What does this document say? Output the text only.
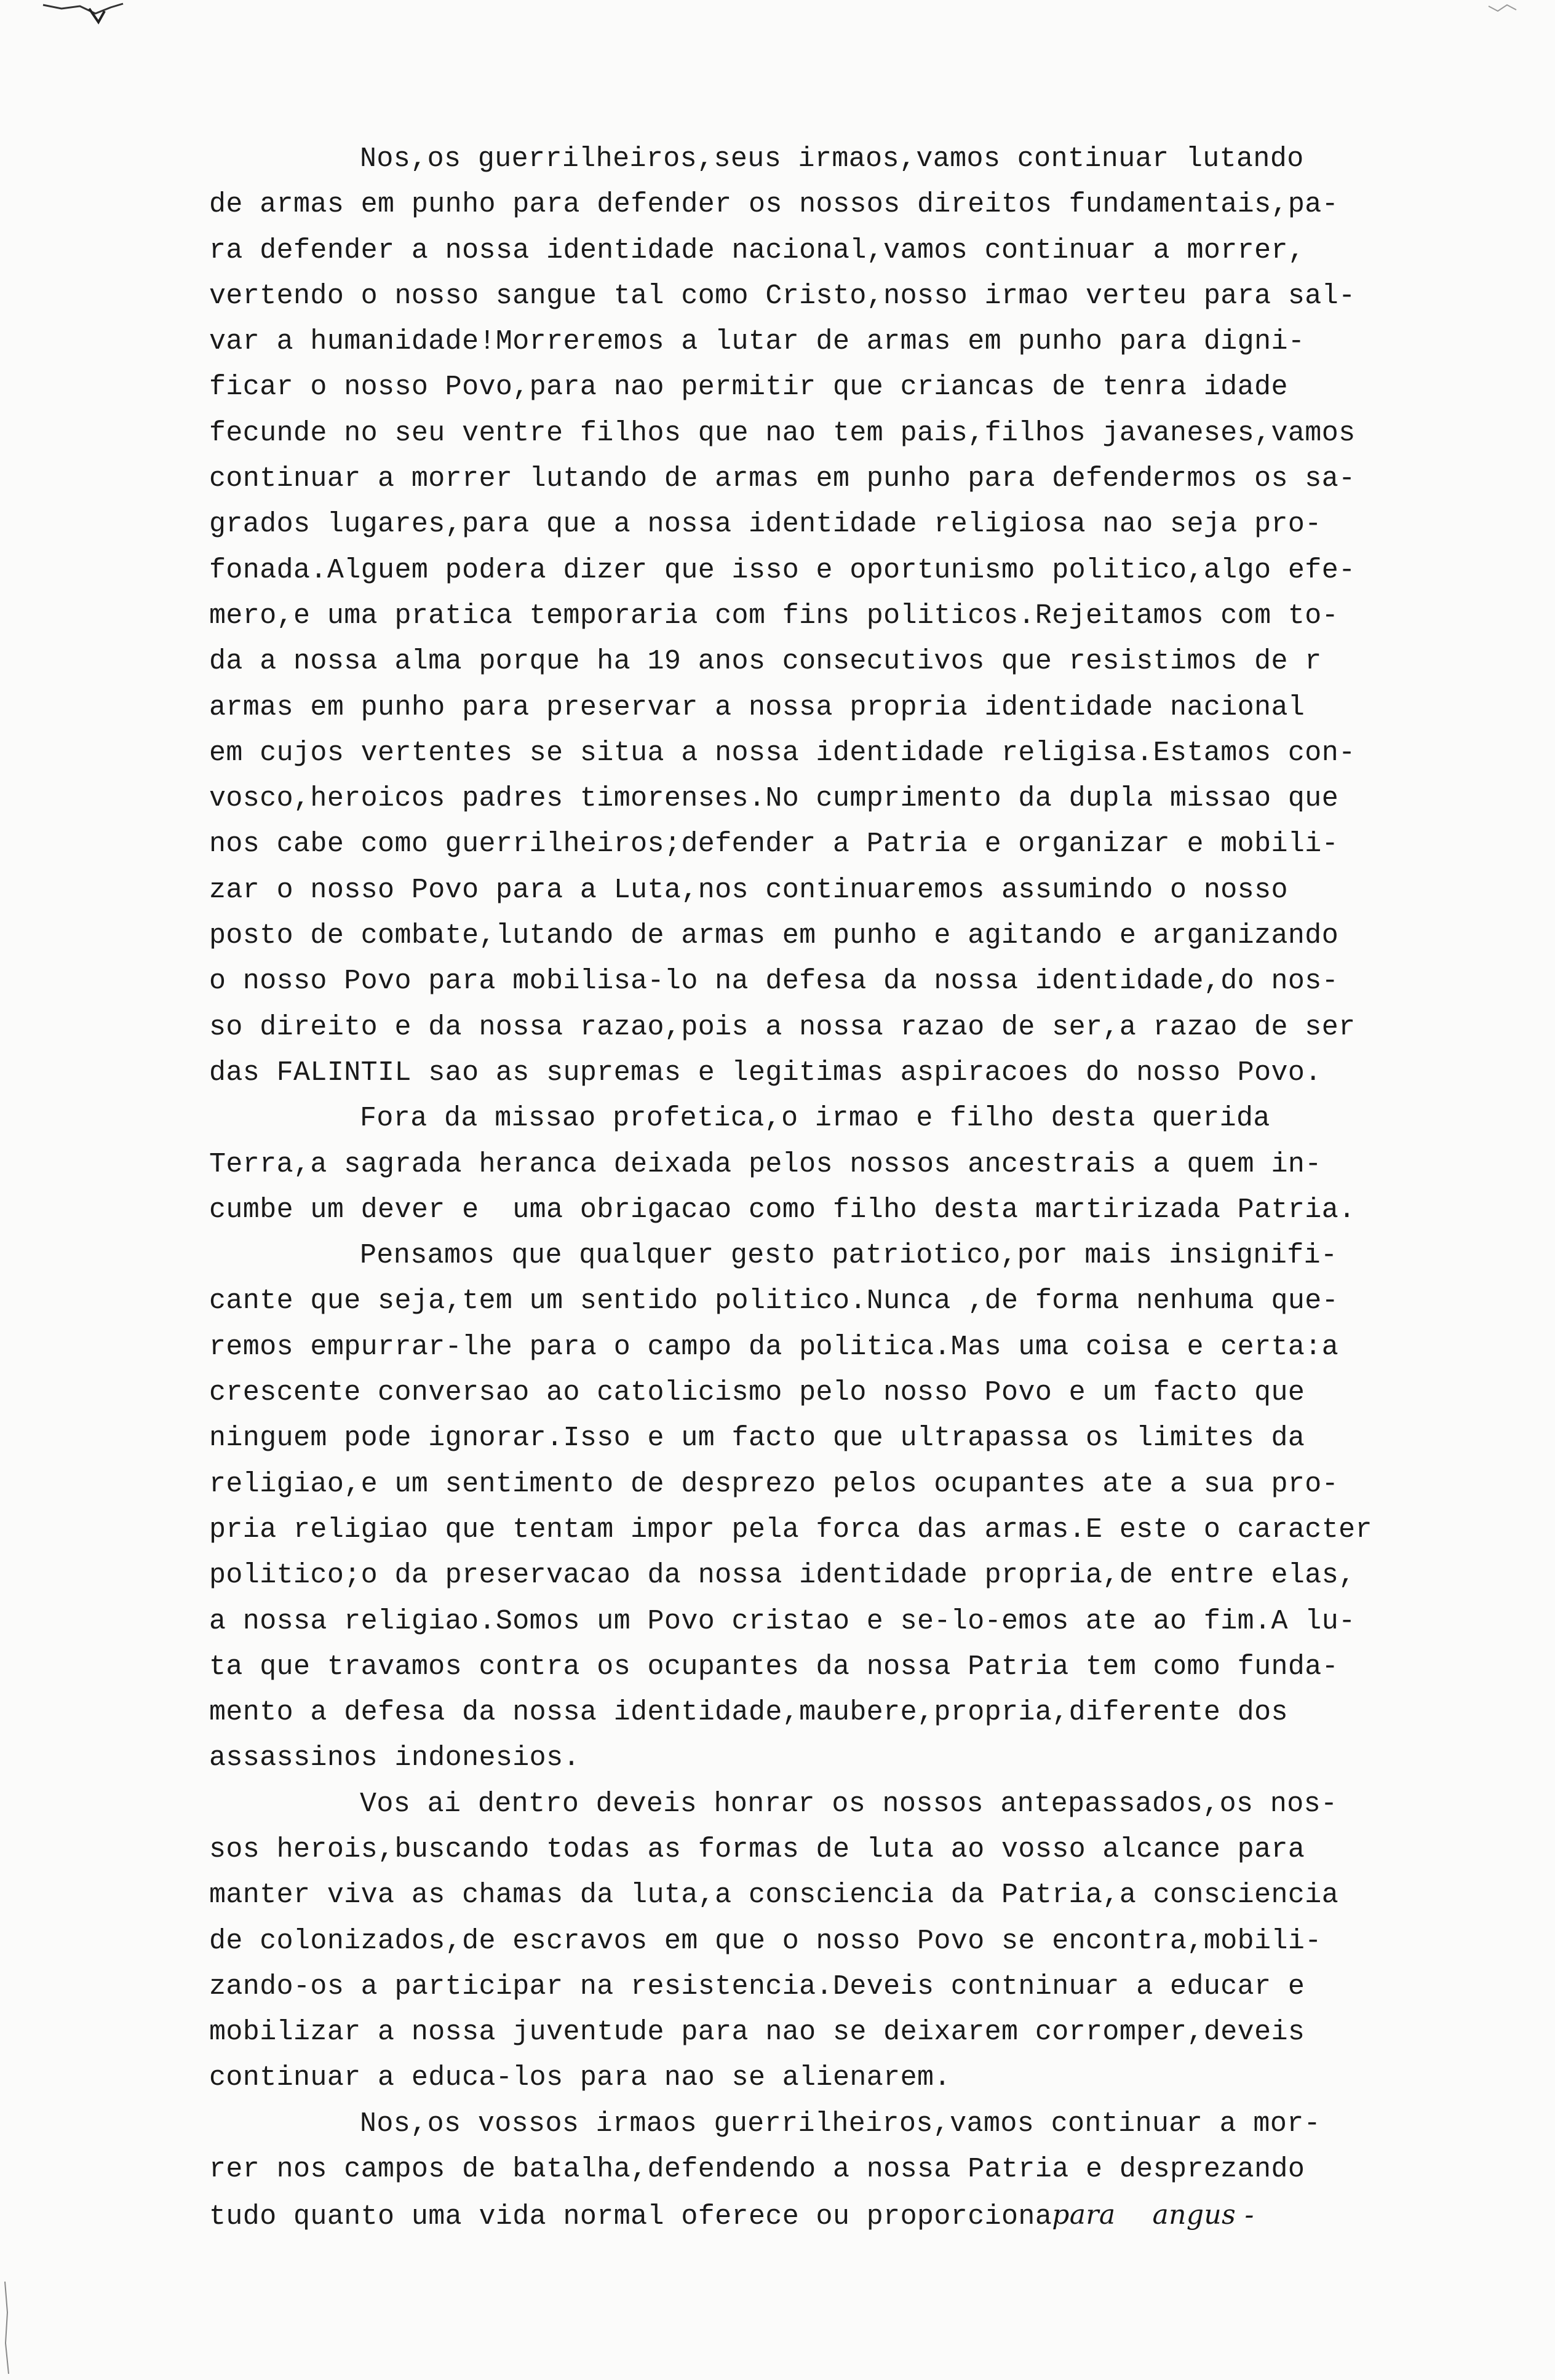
Nos,os guerrilheiros,seus irmaos,vamos continuar lutando
de armas em punho para defender os nossos direitos fundamentais,pa-
ra defender a nossa identidade nacional,vamos continuar a morrer,
vertendo o nosso sangue tal como Cristo,nosso irmao verteu para sal-
var a humanidade!Morreremos a lutar de armas em punho para digni-
ficar o nosso Povo,para nao permitir que criancas de tenra idade
fecunde no seu ventre filhos que nao tem pais,filhos javaneses,vamos
continuar a morrer lutando de armas em punho para defendermos os sa-
grados lugares,para que a nossa identidade religiosa nao seja pro-
fonada.Alguem podera dizer que isso e oportunismo politico,algo efe-
mero,e uma pratica temporaria com fins politicos.Rejeitamos com to-
da a nossa alma porque ha 19 anos consecutivos que resistimos de r
armas em punho para preservar a nossa propria identidade nacional
em cujos vertentes se situa a nossa identidade religisa.Estamos con-
vosco,heroicos padres timorenses.No cumprimento da dupla missao que
nos cabe como guerrilheiros;defender a Patria e organizar e mobili-
zar o nosso Povo para a Luta,nos continuaremos assumindo o nosso
posto de combate,lutando de armas em punho e agitando e arganizando
o nosso Povo para mobilisa-lo na defesa da nossa identidade,do nos-
so direito e da nossa razao,pois a nossa razao de ser,a razao de ser
das FALINTIL sao as supremas e legitimas aspiracoes do nosso Povo.
Fora da missao profetica,o irmao e filho desta querida
Terra,a sagrada heranca deixada pelos nossos ancestrais a quem in-
cumbe um dever e  uma obrigacao como filho desta martirizada Patria.
Pensamos que qualquer gesto patriotico,por mais insignifi-
cante que seja,tem um sentido politico.Nunca ,de forma nenhuma que-
remos empurrar-lhe para o campo da politica.Mas uma coisa e certa:a
crescente conversao ao catolicismo pelo nosso Povo e um facto que
ninguem pode ignorar.Isso e um facto que ultrapassa os limites da
religiao,e um sentimento de desprezo pelos ocupantes ate a sua pro-
pria religiao que tentam impor pela forca das armas.E este o caracter
politico;o da preservacao da nossa identidade propria,de entre elas,
a nossa religiao.Somos um Povo cristao e se-lo-emos ate ao fim.A lu-
ta que travamos contra os ocupantes da nossa Patria tem como funda-
mento a defesa da nossa identidade,maubere,propria,diferente dos
assassinos indonesios.
Vos ai dentro deveis honrar os nossos antepassados,os nos-
sos herois,buscando todas as formas de luta ao vosso alcance para
manter viva as chamas da luta,a consciencia da Patria,a consciencia
de colonizados,de escravos em que o nosso Povo se encontra,mobili-
zando-os a participar na resistencia.Deveis contninuar a educar e
mobilizar a nossa juventude para nao se deixarem corromper,deveis
continuar a educa-los para nao se alienarem.
Nos,os vossos irmaos guerrilheiros,vamos continuar a mor-
rer nos campos de batalha,defendendo a nossa Patria e desprezando
tudo quanto uma vida normal oferece ou proporcionapara angus -
